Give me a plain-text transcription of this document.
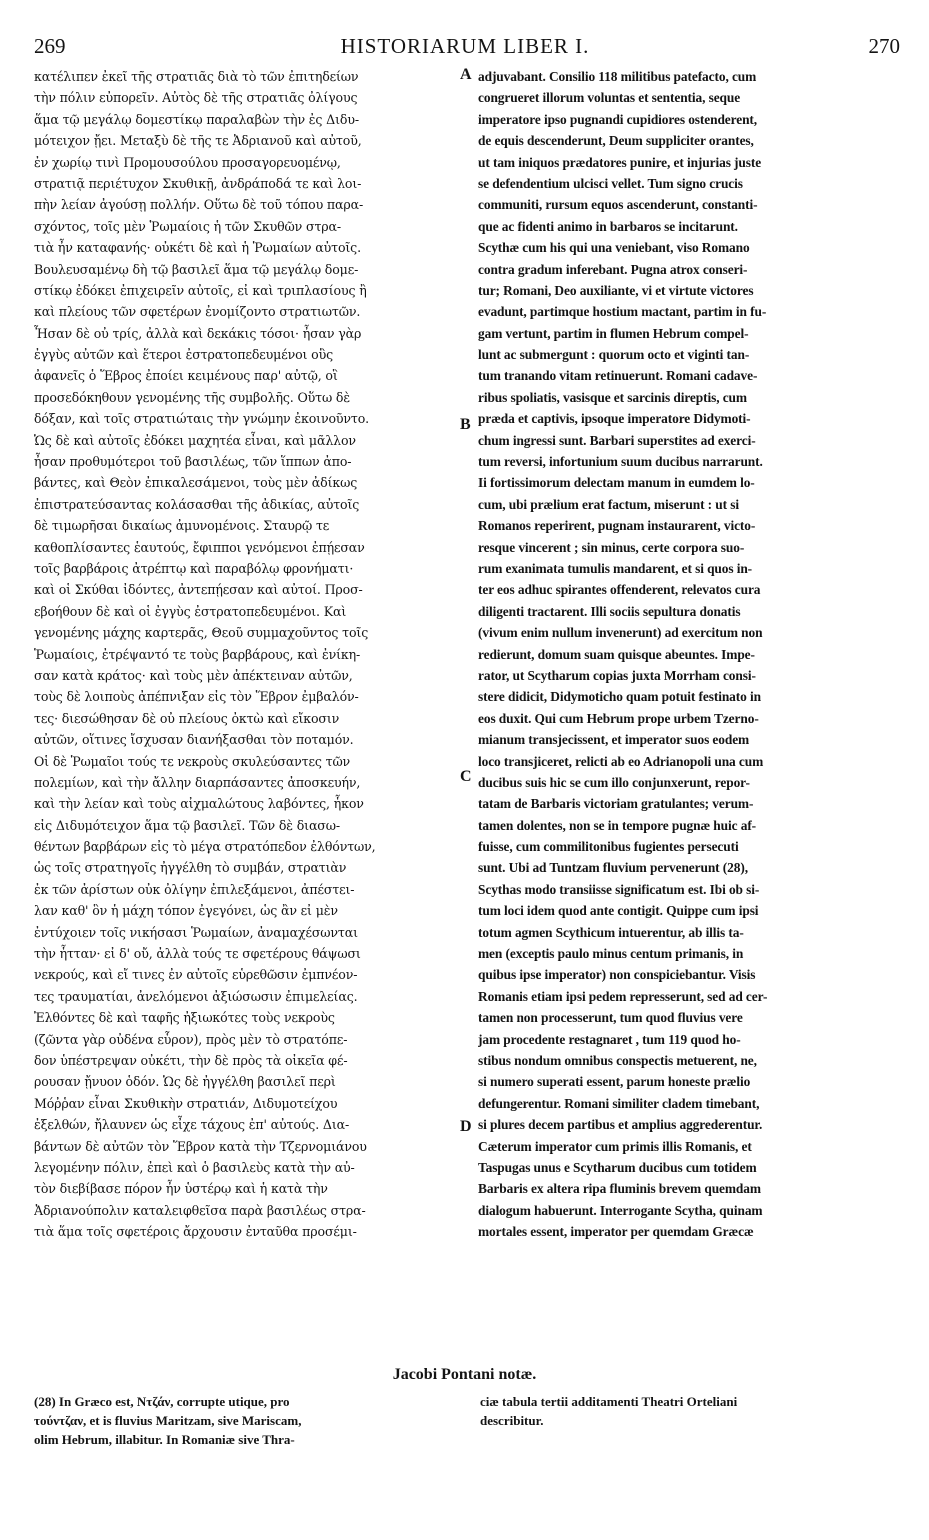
269	HISTORIARUM LIBER I.	270
κατέλιπεν ἐκεῖ τῆς στρατιᾶς διὰ τὸ τῶν ἐπιτηδείων
τὴν πόλιν εὐπορεῖν. Αὐτὸς δὲ τῆς στρατιᾶς ὀλίγους
ἅμα τῷ μεγάλῳ δομεστίκῳ παραλαβὼν τὴν ἐς Διδυ-
μότειχον ᾔει. Μεταξὺ δὲ τῆς τε Ἀδριανοῦ καὶ αὐτοῦ,
ἐν χωρίῳ τινὶ Προμουσούλου προσαγορευομένῳ,
στρατιᾷ περιέτυχον Σκυθικῇ, ἀνδράποδά τε καὶ λοι-
πὴν λείαν ἀγούσῃ πολλήν. Οὕτω δὲ τοῦ τόπου παρα-
σχόντος, τοῖς μὲν Ῥωμαίοις ἡ τῶν Σκυθῶν στρα-
τιὰ ἦν καταφανής· οὐκέτι δὲ καὶ ἡ Ῥωμαίων αὐτοῖς.
Βουλευσαμένῳ δὴ τῷ βασιλεῖ ἅμα τῷ μεγάλῳ δομε-
στίκῳ ἐδόκει ἐπιχειρεῖν αὐτοῖς, εἰ καὶ τριπλασίους ἢ
καὶ πλείους τῶν σφετέρων ἐνομίζοντο στρατιωτῶν.
Ἦσαν δὲ οὐ τρίς, ἀλλὰ καὶ δεκάκις τόσοι· ἦσαν γὰρ
ἐγγὺς αὐτῶν καὶ ἕτεροι ἐστρατοπεδευμένοι οὓς
ἀφανεῖς ὁ Ἕβρος ἐποίει κειμένους παρ' αὐτῷ, οἳ
προσεδόκηθουν γενομένης τῆς συμβολῆς. Οὕτω δὲ
δόξαν, καὶ τοῖς στρατιώταις τὴν γνώμην ἐκοινοῦντο.
Ὡς δὲ καὶ αὐτοῖς ἐδόκει μαχητέα εἶναι, καὶ μᾶλλον
ἦσαν προθυμότεροι τοῦ βασιλέως, τῶν ἵππων ἀπο-
βάντες, καὶ Θεὸν ἐπικαλεσάμενοι, τοὺς μὲν ἀδίκως
ἐπιστρατεύσαντας κολάσασθαι τῆς ἀδικίας, αὐτοῖς
δὲ τιμωρῆσαι δικαίως ἀμυνομένοις. Σταυρῷ τε
καθοπλίσαντες ἑαυτούς, ἔφιπποι γενόμενοι ἐπῄεσαν
τοῖς βαρβάροις ἀτρέπτῳ καὶ παραβόλῳ φρονήματι·
καὶ οἱ Σκύθαι ἰδόντες, ἀντεπῄεσαν καὶ αὐτοί. Προσ-
εβοήθουν δὲ καὶ οἱ ἐγγὺς ἐστρατοπεδευμένοι. Καὶ
γενομένης μάχης καρτερᾶς, Θεοῦ συμμαχοῦντος τοῖς
Ῥωμαίοις, ἐτρέψαντό τε τοὺς βαρβάρους, καὶ ἐνίκη-
σαν κατὰ κράτος· καὶ τοὺς μὲν ἀπέκτειναν αὐτῶν,
τοὺς δὲ λοιποὺς ἀπέπνιξαν εἰς τὸν Ἕβρον ἐμβαλόν-
τες· διεσώθησαν δὲ οὐ πλείους ὀκτὼ καὶ εἴκοσιν
αὐτῶν, οἵτινες ἴσχυσαν διανήξασθαι τὸν ποταμόν.
Οἱ δὲ Ῥωμαῖοι τούς τε νεκροὺς σκυλεύσαντες τῶν
πολεμίων, καὶ τὴν ἄλλην διαρπάσαντες ἀποσκευήν,
καὶ τὴν λείαν καὶ τοὺς αἰχμαλώτους λαβόντες, ἧκον
εἰς Διδυμότειχον ἅμα τῷ βασιλεῖ. Τῶν δὲ διασω-
θέντων βαρβάρων εἰς τὸ μέγα στρατόπεδον ἐλθόντων,
ὡς τοῖς στρατηγοῖς ἠγγέλθη τὸ συμβάν, στρατιὰν
ἐκ τῶν ἀρίστων οὐκ ὀλίγην ἐπιλεξάμενοι, ἀπέστει-
λαν καθ' ὃν ἡ μάχη τόπον ἐγεγόνει, ὡς ἂν εἰ μὲν
ἐντύχοιεν τοῖς νικήσασι Ῥωμαίων, ἀναμαχέσωνται
τὴν ἧτταν· εἰ δ' οὔ, ἀλλὰ τούς τε σφετέρους θάψωσι
νεκρούς, καὶ εἴ τινες ἐν αὐτοῖς εὑρεθῶσιν ἐμπνέον-
τες τραυματίαι, ἀνελόμενοι ἀξιώσωσιν ἐπιμελείας.
Ἐλθόντες δὲ καὶ ταφῆς ἠξιωκότες τοὺς νεκροὺς
(ζῶντα γὰρ οὐδένα εὗρον), πρὸς μὲν τὸ στρατόπε-
δον ὑπέστρεψαν οὐκέτι, τὴν δὲ πρὸς τὰ οἰκεῖα φέ-
ρουσαν ᾔνυον ὁδόν. Ὡς δὲ ἠγγέλθη βασιλεῖ περὶ
Μόῤῥαν εἶναι Σκυθικὴν στρατιάν, Διδυμοτείχου
ἐξελθών, ἤλαυνεν ὡς εἶχε τάχους ἐπ' αὐτούς. Δια-
βάντων δὲ αὐτῶν τὸν Ἕβρον κατὰ τὴν Τζερνομιάνου
λεγομένην πόλιν, ἐπεὶ καὶ ὁ βασιλεὺς κατὰ τὴν αὐ-
τὸν διεβίβασε πόρον ἦν ὑστέρῳ καὶ ἡ κατὰ τὴν
Ἀδριανούπολιν καταλειφθεῖσα παρὰ βασιλέως στρα-
τιὰ ἅμα τοῖς σφετέροις ἄρχουσιν ἐνταῦθα προσέμι-
adjuvabant. Consilio 118 militibus patefacto, cum
congrueret illorum voluntas et sententia, seque
imperatore ipso pugnandi cupidiores ostenderent,
de equis descenderunt, Deum suppliciter orantes,
ut tam iniquos prædatores punire, et injurias juste
se defendentium ulcisci vellet. Tum signo crucis
communiti, rursum equos ascenderunt, constanti-
que ac fidenti animo in barbaros se incitarunt.
Scythæ cum his qui una veniebant, viso Romano
contra gradum inferebant. Pugna atrox conseri-
tur; Romani, Deo auxiliante, vi et virtute victores
evadunt, partimque hostium mactant, partim in fu-
gam vertunt, partim in flumen Hebrum compel-
lunt ac submergunt : quorum octo et viginti tan-
tum tranando vitam retinuerunt. Romani cadave-
ribus spoliatis, vasisque et sarcinis direptis, cum
præda et captivis, ipsoque imperatore Didymoti-
chum ingressi sunt. Barbari superstites ad exerci-
tum reversi, infortunium suum ducibus narrarunt.
Ii fortissimorum delectam manum in eumdem lo-
cum, ubi prælium erat factum, miserunt : ut si
Romanos reperirent, pugnam instaurarent, victo-
resque vincerent ; sin minus, certe corpora suo-
rum exanimata tumulis mandarent, et si quos in-
ter eos adhuc spirantes offenderent, relevatos cura
diligenti tractarent. Illi sociis sepultura donatis
(vivum enim nullum invenerunt) ad exercitum non
redierunt, domum suam quisque abeuntes. Impe-
rator, ut Scytharum copias juxta Morrham consi-
stere didicit, Didymoticho quam potuit festinato in
eos duxit. Qui cum Hebrum prope urbem Tzerno-
mianum transjecissent, et imperator suos eodem
loco transjiceret, relicti ab eo Adrianopoli una cum
ducibus suis hic se cum illo conjunxerunt, repor-
tatam de Barbaris victoriam gratulantes; verum-
tamen dolentes, non se in tempore pugnæ huic af-
fuisse, cum commilitonibus fugientes persecuti
sunt. Ubi ad Tuntzam fluvium pervenerunt (28),
Scythas modo transiisse significatum est. Ibi ob si-
tum loci idem quod ante contigit. Quippe cum ipsi
totum agmen Scythicum intuerentur, ab illis ta-
men (exceptis paulo minus centum primanis, in
quibus ipse imperator) non conspiciebantur. Visis
Romanis etiam ipsi pedem represserunt, sed ad cer-
tamen non processerunt, tum quod fluvius vere
jam procedente restagnaret , tum 119 quod ho-
stibus nondum omnibus conspectis metuerent, ne,
si numero superati essent, parum honeste prælio
defungerentur. Romani similiter cladem timebant,
si plures decem partibus et amplius aggrederentur.
Cæterum imperator cum primis illis Romanis, et
Taspugas unus e Scytharum ducibus cum totidem
Barbaris ex altera ripa fluminis brevem quemdam
dialogum habuerunt. Interrogante Scytha, quinam
mortales essent, imperator per quemdam Græcæ
A
B
C
D
Jacobi Pontani notæ.
(28) In Græco est, Ντζάν, corrupte utique, pro
τούντζαν, et is fluvius Maritzam, sive Mariscam,
olim Hebrum, illabitur. In Romaniæ sive Thra-
ciæ tabula tertii additamenti Theatri Orteliani
describitur.
